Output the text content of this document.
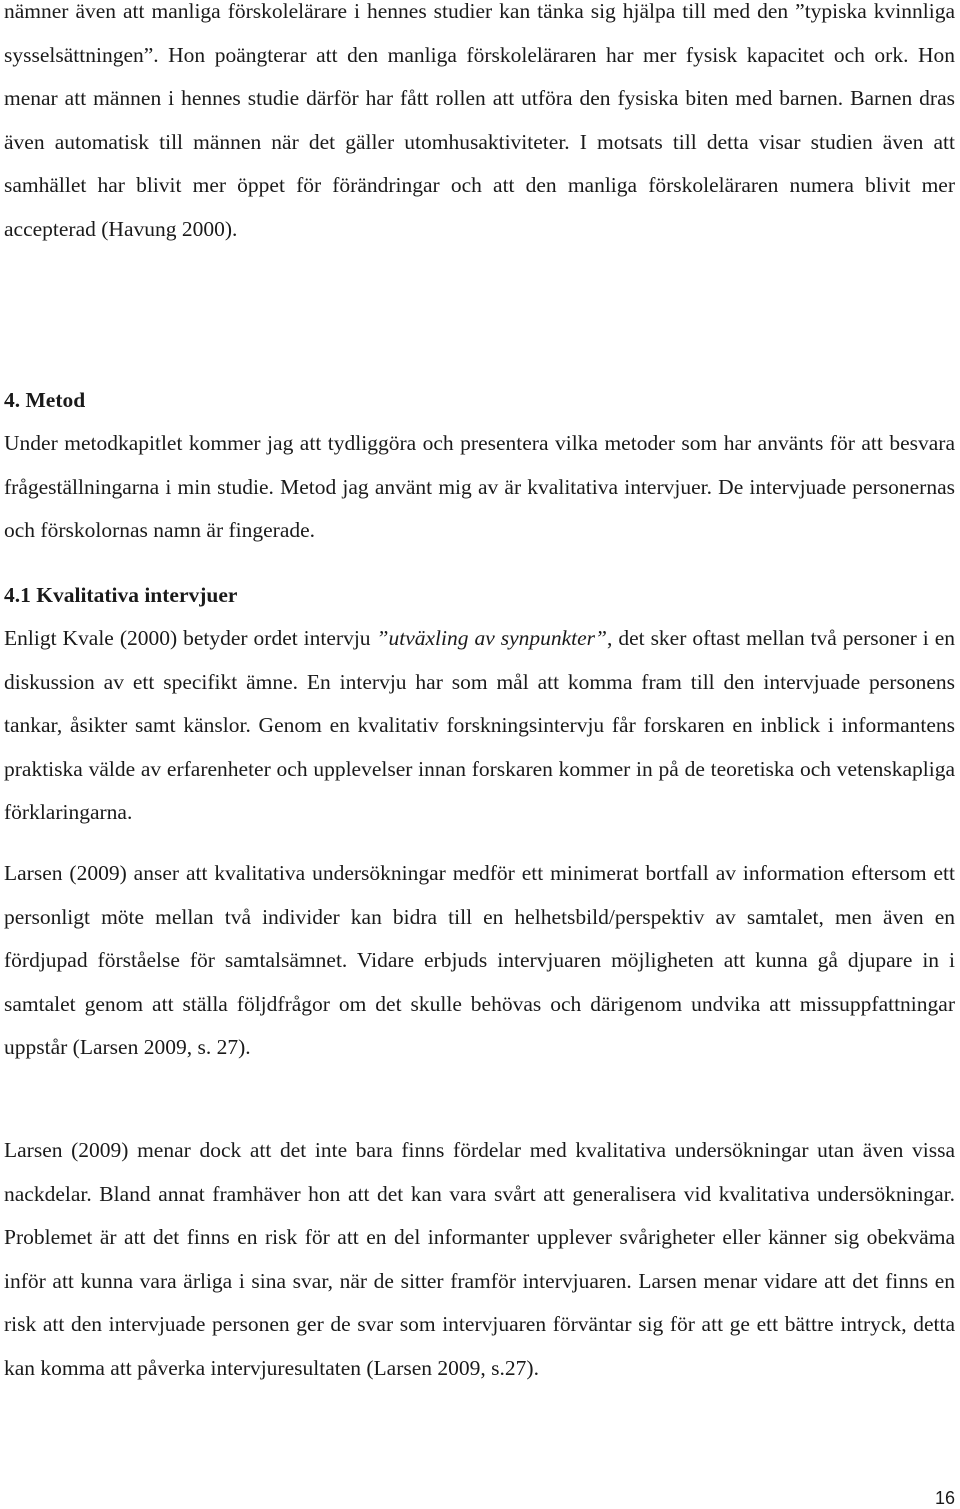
nämner även att manliga förskolelärare i hennes studier kan tänka sig hjälpa till med den ”typiska kvinnliga sysselsättningen”. Hon poängterar att den manliga förskoleläraren har mer fysisk kapacitet och ork. Hon menar att männen i hennes studie därför har fått rollen att utföra den fysiska biten med barnen. Barnen dras även automatisk till männen när det gäller utomhusaktiviteter. I motsats till detta visar studien även att samhället har blivit mer öppet för förändringar och att den manliga förskoleläraren numera blivit mer accepterad (Havung 2000).

4. Metod

Under metodkapitlet kommer jag att tydliggöra och presentera vilka metoder som har använts för att besvara frågeställningarna i min studie. Metod jag använt mig av är kvalitativa intervjuer. De intervjuade personernas och förskolornas namn är fingerade.

4.1 Kvalitativa intervjuer

Enligt Kvale (2000) betyder ordet intervju ”utväxling av synpunkter”, det sker oftast mellan två personer i en diskussion av ett specifikt ämne. En intervju har som mål att komma fram till den intervjuade personens tankar, åsikter samt känslor. Genom en kvalitativ forskningsintervju får forskaren en inblick i informantens praktiska välde av erfarenheter och upplevelser innan forskaren kommer in på de teoretiska och vetenskapliga förklaringarna.

Larsen (2009) anser att kvalitativa undersökningar medför ett minimerat bortfall av information eftersom ett personligt möte mellan två individer kan bidra till en helhetsbild/perspektiv av samtalet, men även en fördjupad förståelse för samtalsämnet. Vidare erbjuds intervjuaren möjligheten att kunna gå djupare in i samtalet genom att ställa följdfrågor om det skulle behövas och därigenom undvika att missuppfattningar uppstår (Larsen 2009, s. 27).

Larsen (2009) menar dock att det inte bara finns fördelar med kvalitativa undersökningar utan även vissa nackdelar. Bland annat framhäver hon att det kan vara svårt att generalisera vid kvalitativa undersökningar. Problemet är att det finns en risk för att en del informanter upplever svårigheter eller känner sig obekväma inför att kunna vara ärliga i sina svar, när de sitter framför intervjuaren. Larsen menar vidare att det finns en risk att den intervjuade personen ger de svar som intervjuaren förväntar sig för att ge ett bättre intryck, detta kan komma att påverka intervjuresultaten (Larsen 2009, s.27).

16
